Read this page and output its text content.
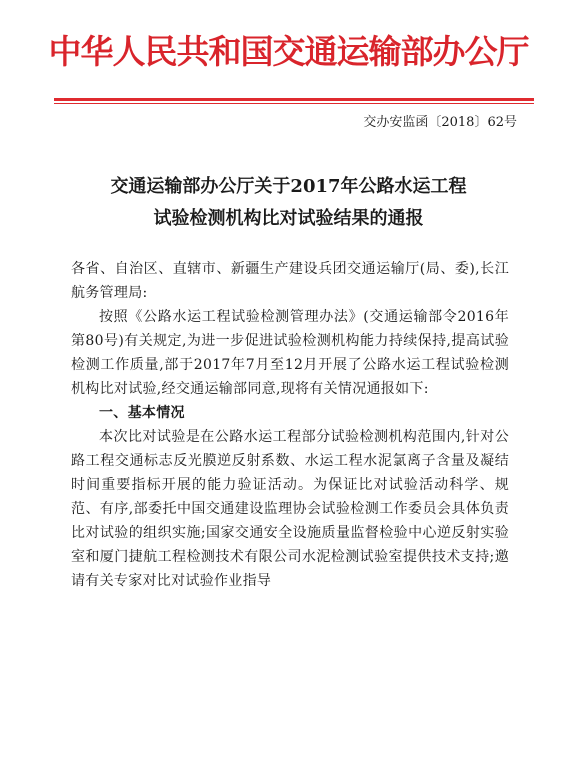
中华人民共和国交通运输部办公厅
交办安监函〔2018〕62号
交通运输部办公厅关于2017年公路水运工程
试验检测机构比对试验结果的通报

各省、自治区、直辖市、新疆生产建设兵团交通运输厅(局、委),长江航务管理局:

按照《公路水运工程试验检测管理办法》(交通运输部令2016年第80号)有关规定,为进一步促进试验检测机构能力持续保持,提高试验检测工作质量,部于2017年7月至12月开展了公路水运工程试验检测机构比对试验,经交通运输部同意,现将有关情况通报如下:

一、基本情况

本次比对试验是在公路水运工程部分试验检测机构范围内,针对公路工程交通标志反光膜逆反射系数、水运工程水泥氯离子含量及凝结时间重要指标开展的能力验证活动。为保证比对试验活动科学、规范、有序,部委托中国交通建设监理协会试验检测工作委员会具体负责比对试验的组织实施;国家交通安全设施质量监督检验中心逆反射实验室和厦门捷航工程检测技术有限公司水泥检测试验室提供技术支持;邀请有关专家对比对试验作业指导
